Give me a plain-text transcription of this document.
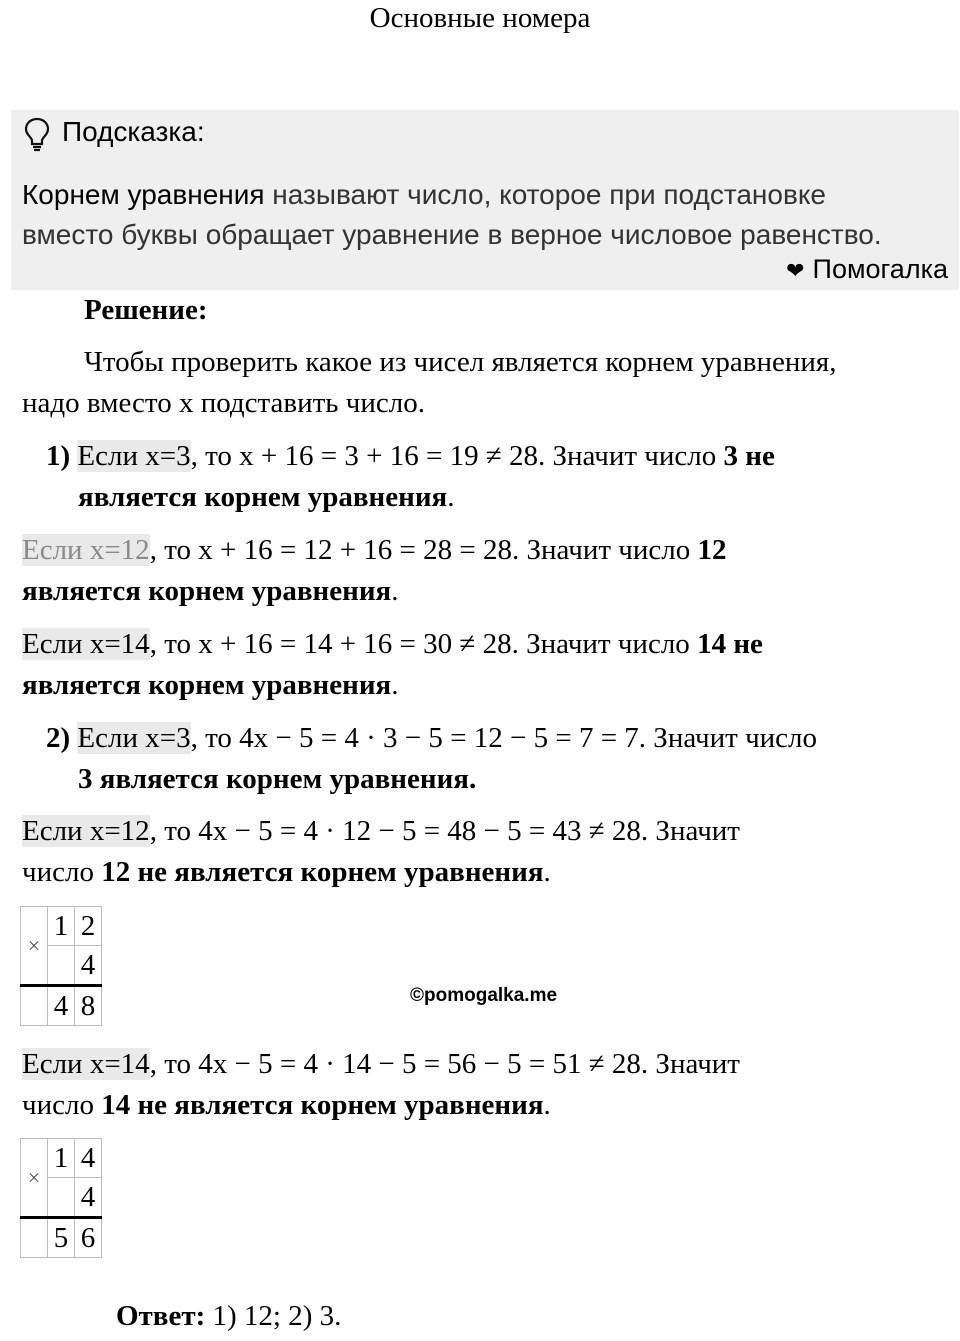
Основные номера
Подсказка:
Корнем уравнения называют число, которое при подстановке
вместо буквы обращает уравнение в верное числовое равенство.
❤ Помогалка
Решение:
Чтобы проверить какое из чисел является корнем уравнения,
надо вместо x подставить число.
1) Если x=3, то x + 16 = 3 + 16 = 19 ≠ 28. Значит число 3 не
является корнем уравнения.
Если x=12, то x + 16 = 12 + 16 = 28 = 28. Значит число 12
является корнем уравнения.
Если x=14, то x + 16 = 14 + 16 = 30 ≠ 28. Значит число 14 не
является корнем уравнения.
2) Если x=3, то 4x − 5 = 4 · 3 − 5 = 12 − 5 = 7 = 7. Значит число
3 является корнем уравнения.
Если x=12, то 4x − 5 = 4 · 12 − 5 = 48 − 5 = 43 ≠ 28. Значит
число 12 не является корнем уравнения.
×	1	2
		4
	4	8	©pomogalka.me
Если x=14, то 4x − 5 = 4 · 14 − 5 = 56 − 5 = 51 ≠ 28. Значит
число 14 не является корнем уравнения.
×	1	4
		4
	5	6
Ответ: 1) 12; 2) 3.
